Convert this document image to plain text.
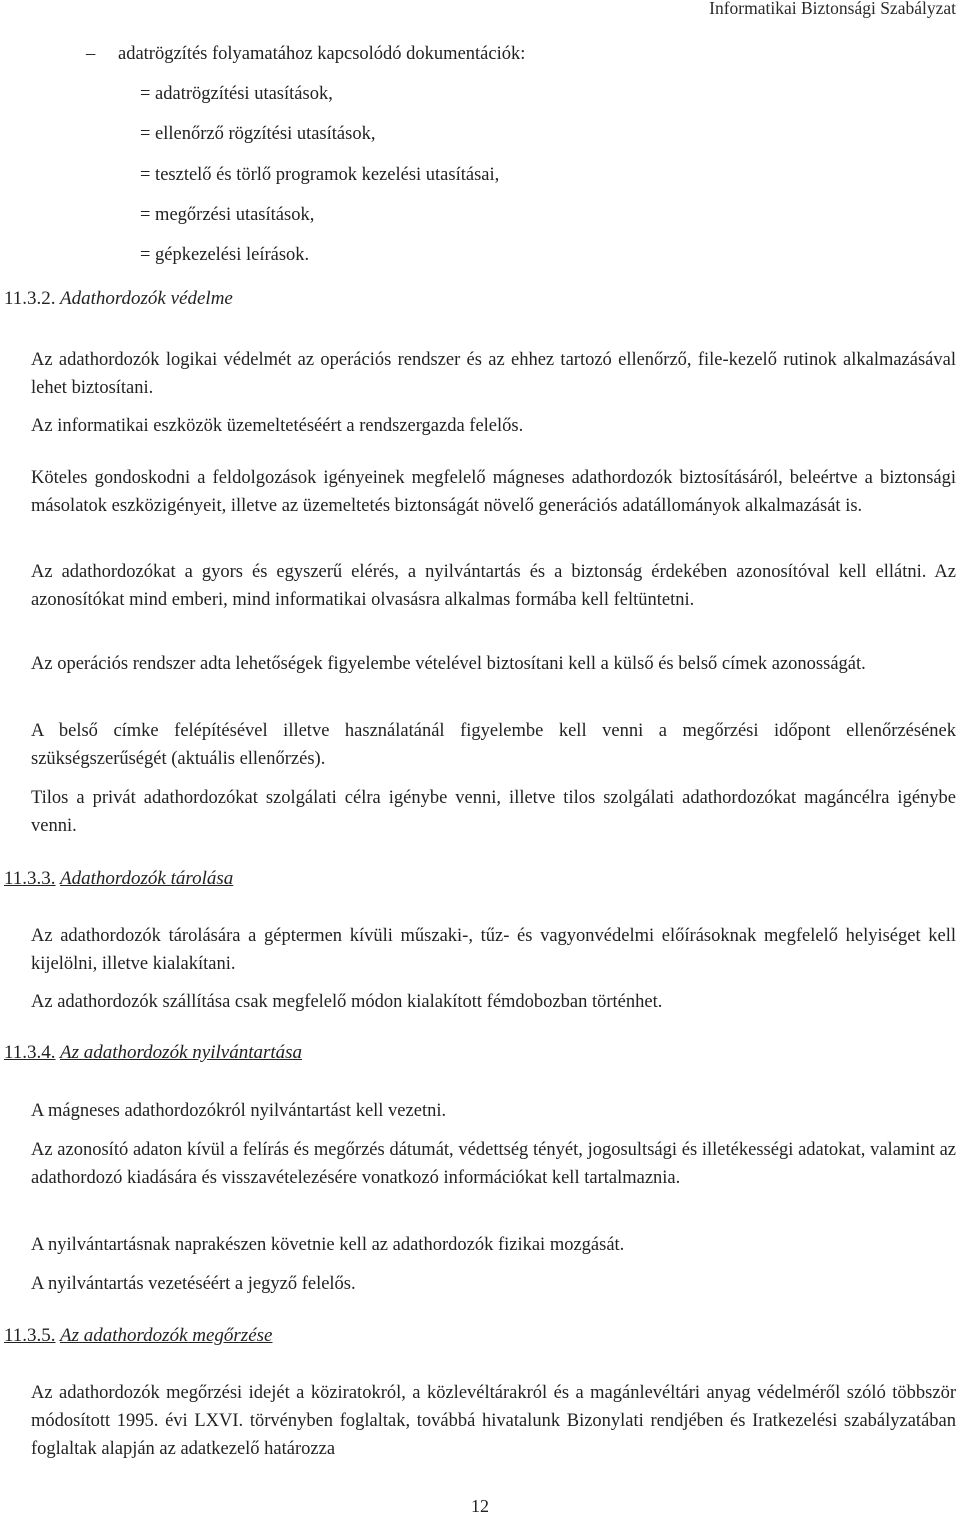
Informatikai Biztonsági Szabályzat
– adatrögzítés folyamatához kapcsolódó dokumentációk:
= adatrögzítési utasítások,
= ellenőrző rögzítési utasítások,
= tesztelő és törlő programok kezelési utasításai,
= megőrzési utasítások,
= gépkezelési leírások.
11.3.2. Adathordozók védelme
Az adathordozók logikai védelmét az operációs rendszer és az ehhez tartozó ellenőrző, file-kezelő rutinok alkalmazásával lehet biztosítani.
Az informatikai eszközök üzemeltetéséért a rendszergazda felelős.
Köteles gondoskodni a feldolgozások igényeinek megfelelő mágneses adathordozók biztosításáról, beleértve a biztonsági másolatok eszközigényeit, illetve az üzemeltetés biztonságát növelő generációs adatállományok alkalmazását is.
Az adathordozókat a gyors és egyszerű elérés, a nyilvántartás és a biztonság érdekében azonosítóval kell ellátni. Az azonosítókat mind emberi, mind informatikai olvasásra alkalmas formába kell feltüntetni.
Az operációs rendszer adta lehetőségek figyelembe vételével biztosítani kell a külső és belső címek azonosságát.
A belső címke felépítésével illetve használatánál figyelembe kell venni a megőrzési időpont ellenőrzésének szükségszerűségét (aktuális ellenőrzés).
Tilos a privát adathordozókat szolgálati célra igénybe venni, illetve tilos szolgálati adathordozókat magáncélra igénybe venni.
11.3.3. Adathordozók tárolása
Az adathordozók tárolására a géptermen kívüli műszaki-, tűz- és vagyonvédelmi előírásoknak megfelelő helyiséget kell kijelölni, illetve kialakítani.
Az adathordozók szállítása csak megfelelő módon kialakított fémdobozban történhet.
11.3.4. Az adathordozók nyilvántartása
A mágneses adathordozókról nyilvántartást kell vezetni.
Az azonosító adaton kívül a felírás és megőrzés dátumát, védettség tényét, jogosultsági és illetékességi adatokat, valamint az adathordozó kiadására és visszavételezésére vonatkozó információkat kell tartalmaznia.
A nyilvántartásnak naprakészen követnie kell az adathordozók fizikai mozgását.
A nyilvántartás vezetéséért a jegyző felelős.
11.3.5. Az adathordozók megőrzése
Az adathordozók megőrzési idejét a köziratokról, a közlevéltárakról és a magánlevéltári anyag védelméről szóló többször módosított 1995. évi LXVI. törvényben foglaltak, továbbá hivatalunk Bizonylati rendjében és Iratkezelési szabályzatában foglaltak alapján az adatkezelő határozza
12
